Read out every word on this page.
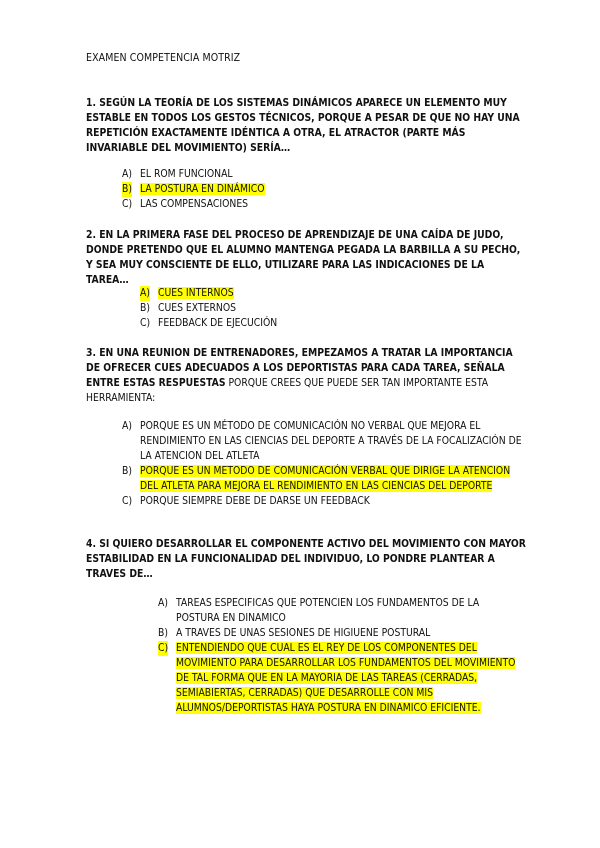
EXAMEN COMPETENCIA MOTRIZ
1. SEGÚN LA TEORÍA DE LOS SISTEMAS DINÁMICOS APARECE UN ELEMENTO MUY ESTABLE EN TODOS LOS GESTOS TÉCNICOS, PORQUE A PESAR DE QUE NO HAY UNA REPETICIÓN EXACTAMENTE IDÉNTICA A OTRA, EL ATRACTOR (PARTE MÁS INVARIABLE DEL MOVIMIENTO) SERÍA…
A) EL ROM FUNCIONAL
B) LA POSTURA EN DINÁMICO
C) LAS COMPENSACIONES
2. EN LA PRIMERA FASE DEL PROCESO DE APRENDIZAJE DE UNA CAÍDA DE JUDO, DONDE PRETENDO QUE EL ALUMNO MANTENGA PEGADA LA BARBILLA A SU PECHO, Y SEA MUY CONSCIENTE DE ELLO, UTILIZARE PARA LAS INDICACIONES DE LA TAREA…
A) CUES INTERNOS
B) CUES EXTERNOS
C) FEEDBACK DE EJECUCIÓN
3. EN UNA REUNION DE ENTRENADORES, EMPEZAMOS A TRATAR LA IMPORTANCIA DE OFRECER CUES ADECUADOS A LOS DEPORTISTAS PARA CADA TAREA, SEÑALA ENTRE ESTAS RESPUESTAS PORQUE CREES QUE PUEDE SER TAN IMPORTANTE ESTA HERRAMIENTA:
A) PORQUE ES UN MÉTODO DE COMUNICACIÓN NO VERBAL QUE MEJORA EL RENDIMIENTO EN LAS CIENCIAS DEL DEPORTE A TRAVÉS DE LA FOCALIZACIÓN DE LA ATENCION DEL ATLETA
B) PORQUE ES UN METODO DE COMUNICACIÓN VERBAL QUE DIRIGE LA ATENCION DEL ATLETA PARA MEJORA EL RENDIMIENTO EN LAS CIENCIAS DEL DEPORTE
C) PORQUE SIEMPRE DEBE DE DARSE UN FEEDBACK
4. SI QUIERO DESARROLLAR EL COMPONENTE ACTIVO DEL MOVIMIENTO CON MAYOR ESTABILIDAD EN LA FUNCIONALIDAD DEL INDIVIDUO, LO PONDRE PLANTEAR A TRAVES DE…
A) TAREAS ESPECIFICAS QUE POTENCIEN LOS FUNDAMENTOS DE LA POSTURA EN DINAMICO
B) A TRAVES DE UNAS SESIONES DE HIGIUENE POSTURAL
C) ENTENDIENDO QUE CUAL ES EL REY DE LOS COMPONENTES DEL MOVIMIENTO PARA DESARROLLAR LOS FUNDAMENTOS DEL MOVIMIENTO DE TAL FORMA QUE EN LA MAYORIA DE LAS TAREAS (CERRADAS, SEMIABIERTAS, CERRADAS) QUE DESARROLLE CON MIS ALUMNOS/DEPORTISTAS HAYA POSTURA EN DINAMICO EFICIENTE.
